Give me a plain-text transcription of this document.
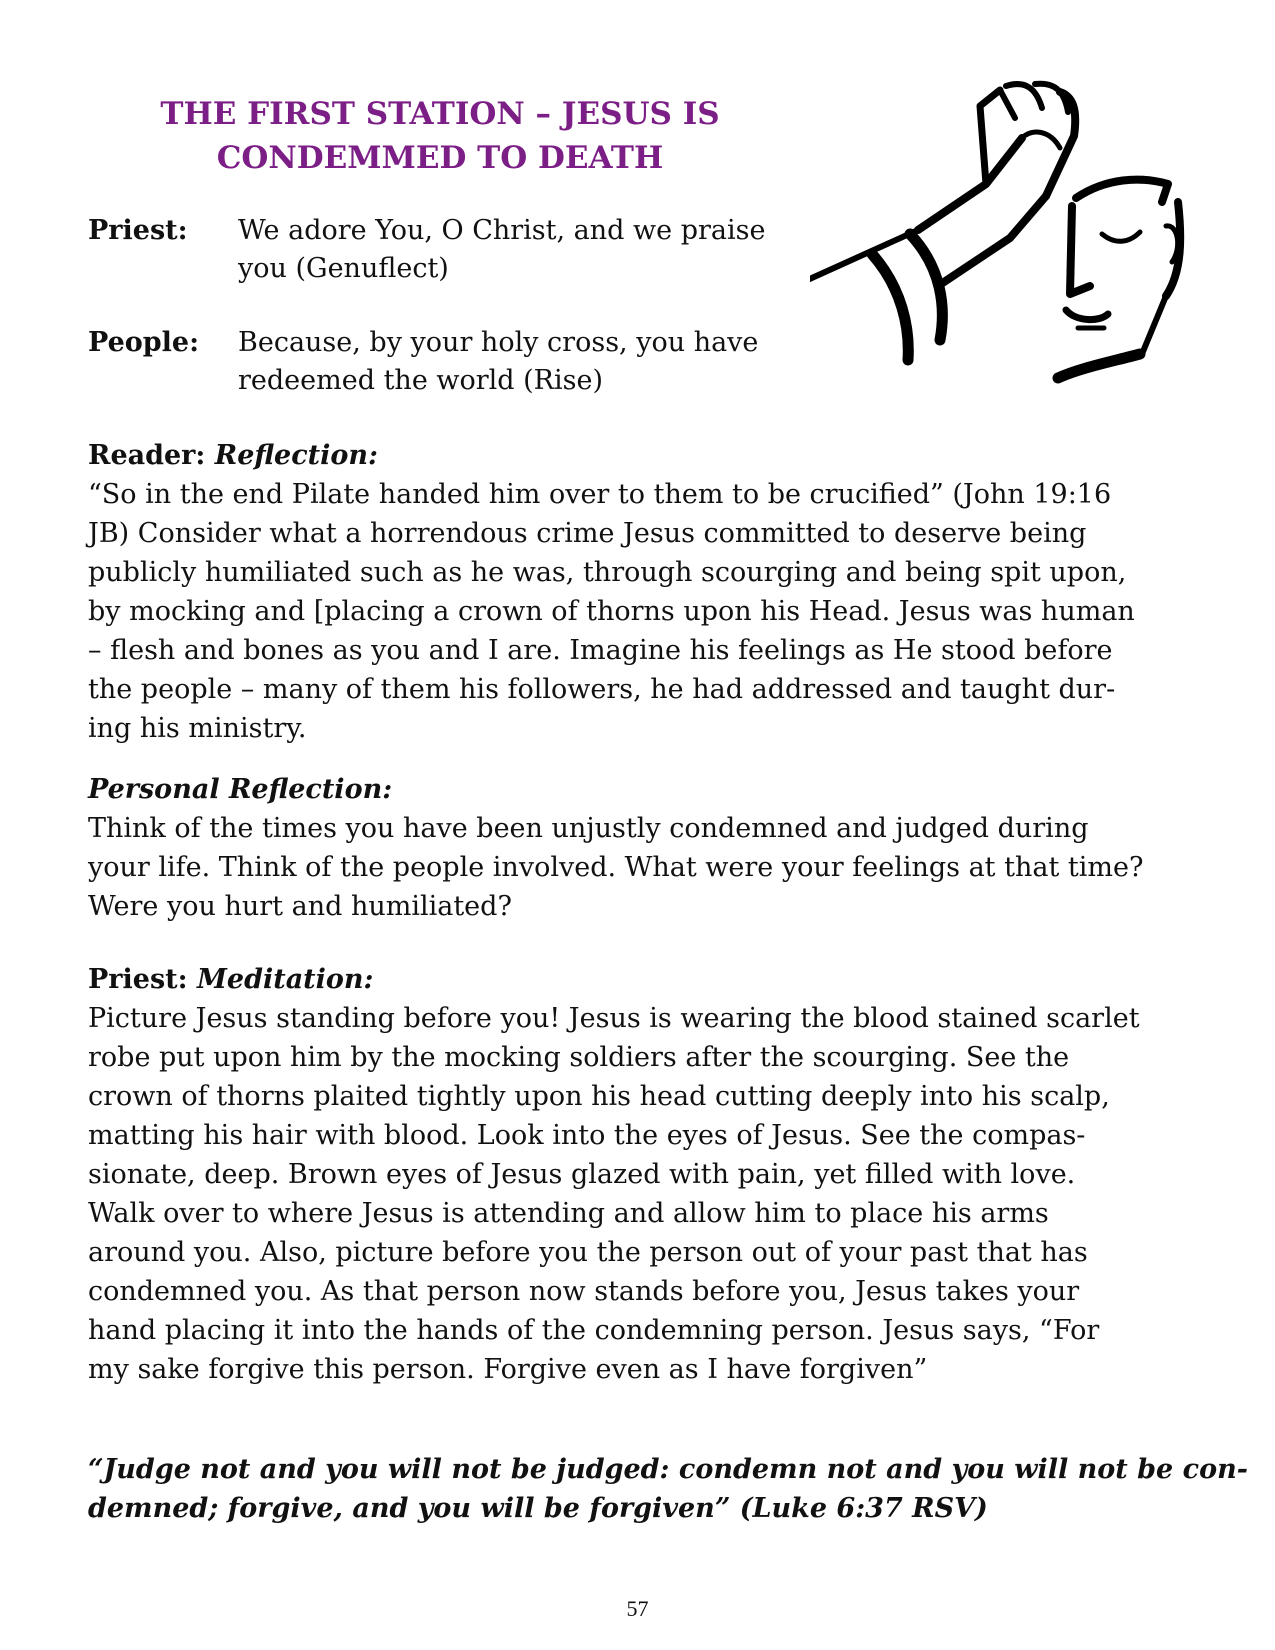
THE FIRST STATION – JESUS IS
CONDEMMED TO DEATH
Priest: We adore You, O Christ, and we praise
you (Genuflect)
People: Because, by your holy cross, you have
redeemed the world (Rise)
Reader: Reflection:
“So in the end Pilate handed him over to them to be crucified” (John 19:16
JB) Consider what a horrendous crime Jesus committed to deserve being
publicly humiliated such as he was, through scourging and being spit upon,
by mocking and [placing a crown of thorns upon his Head. Jesus was human
– flesh and bones as you and I are. Imagine his feelings as He stood before
the people – many of them his followers, he had addressed and taught dur-
ing his ministry.
Personal Reflection:
Think of the times you have been unjustly condemned and judged during
your life. Think of the people involved. What were your feelings at that time?
Were you hurt and humiliated?
Priest: Meditation:
Picture Jesus standing before you! Jesus is wearing the blood stained scarlet
robe put upon him by the mocking soldiers after the scourging. See the
crown of thorns plaited tightly upon his head cutting deeply into his scalp,
matting his hair with blood. Look into the eyes of Jesus. See the compas-
sionate, deep. Brown eyes of Jesus glazed with pain, yet filled with love.
Walk over to where Jesus is attending and allow him to place his arms
around you. Also, picture before you the person out of your past that has
condemned you. As that person now stands before you, Jesus takes your
hand placing it into the hands of the condemning person. Jesus says, “For
my sake forgive this person. Forgive even as I have forgiven”
“Judge not and you will not be judged: condemn not and you will not be con-
demned; forgive, and you will be forgiven” (Luke 6:37 RSV)
57
